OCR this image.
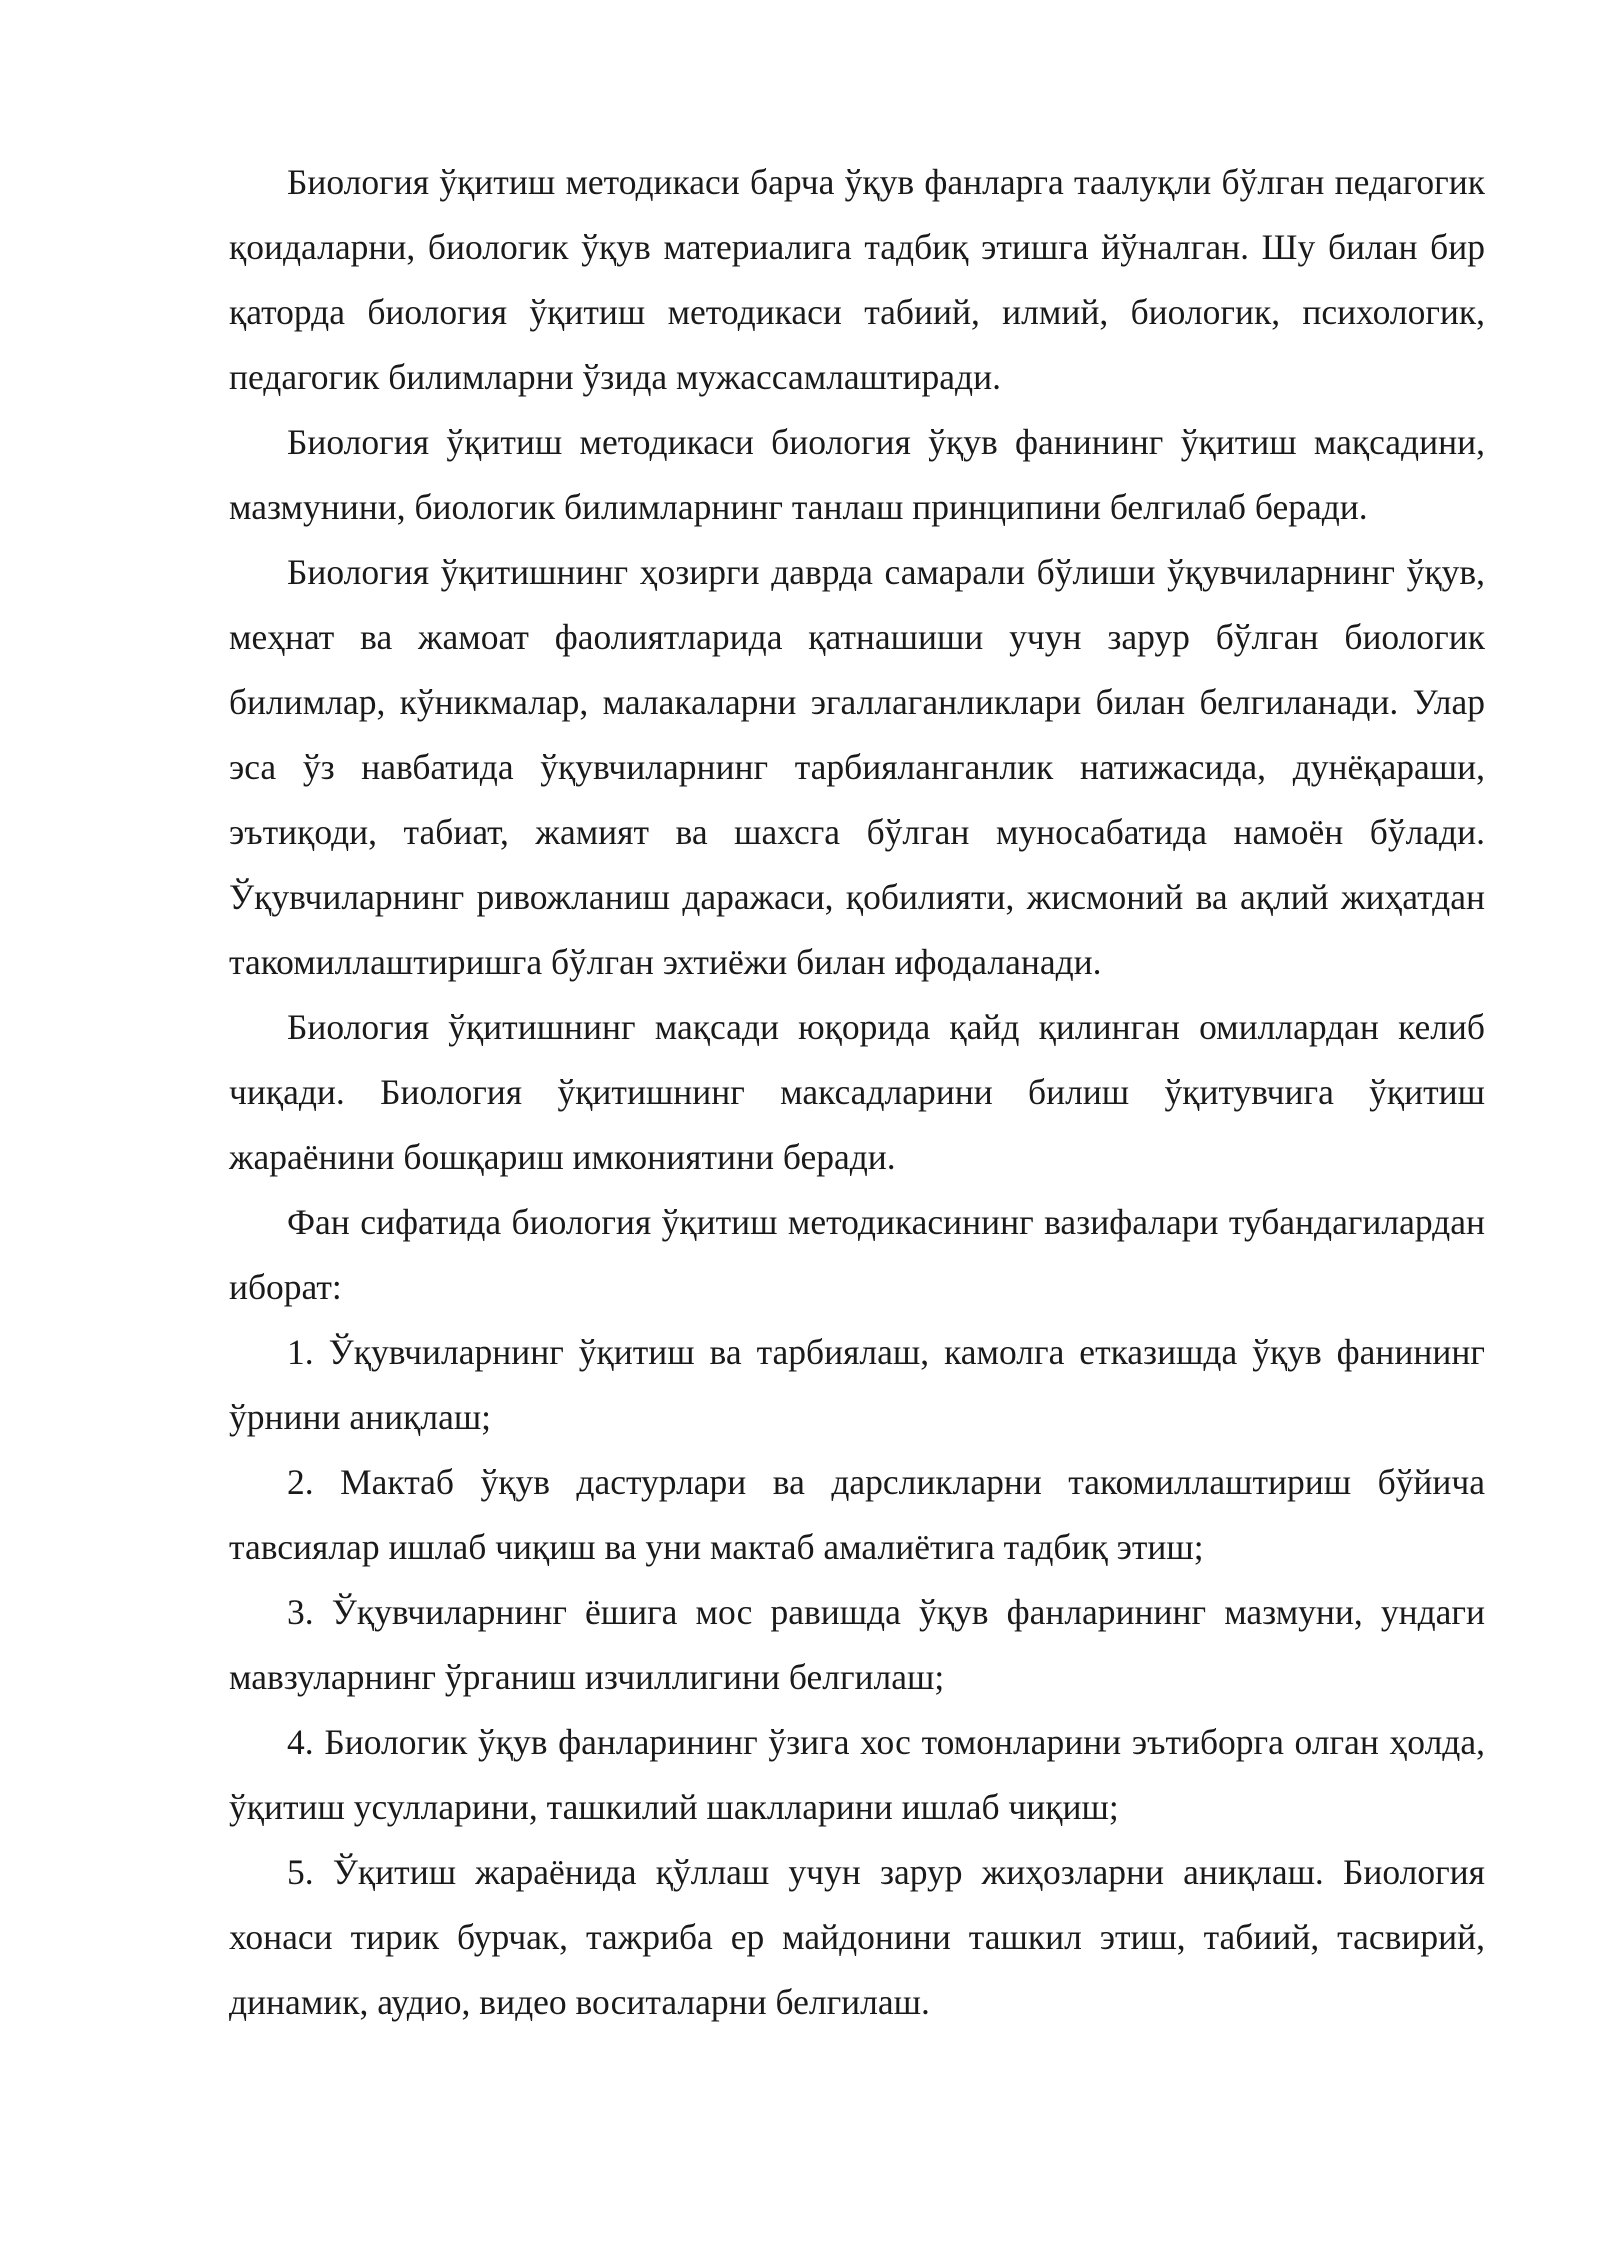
Биология ўқитиш методикаси барча ўқув фанларга таалуқли бўлган педагогик қоидаларни, биологик ўқув материалига тадбиқ этишга йўналган. Шу билан бир қаторда биология ўқитиш методикаси табиий, илмий, биологик, психологик, педагогик билимларни ўзида мужассамлаштиради.

Биология ўқитиш методикаси биология ўқув фанининг ўқитиш мақсадини, мазмунини, биологик билимларнинг танлаш принципини белгилаб беради.

Биология ўқитишнинг ҳозирги даврда самарали бўлиши ўқувчиларнинг ўқув, меҳнат ва жамоат фаолиятларида қатнашиши учун зарур бўлган биологик билимлар, кўникмалар, малакаларни эгаллаганликлари билан белгиланади. Улар эса ўз навбатида ўқувчиларнинг тарбияланганлик натижасида, дунёқараши, эътиқоди, табиат, жамият ва шахсга бўлган муносабатида намоён бўлади. Ўқувчиларнинг ривожланиш даражаси, қобилияти, жисмоний ва ақлий жиҳатдан такомиллаштиришга бўлган эхтиёжи билан ифодаланади.

Биология ўқитишнинг мақсади юқорида қайд қилинган омиллардан келиб чиқади. Биология ўқитишнинг максадларини билиш ўқитувчига ўқитиш жараёнини бошқариш имкониятини беради.

Фан сифатида биология ўқитиш методикасининг вазифалари тубандагилардан иборат:

1. Ўқувчиларнинг ўқитиш ва тарбиялаш, камолга етказишда ўқув фанининг ўрнини аниқлаш;

2. Мактаб ўқув дастурлари ва дарсликларни такомиллаштириш бўйича тавсиялар ишлаб чиқиш ва уни мактаб амалиётига тадбиқ этиш;

3. Ўқувчиларнинг ёшига мос равишда ўқув фанларининг мазмуни, ундаги мавзуларнинг ўрганиш изчиллигини белгилаш;

4. Биологик ўқув фанларининг ўзига хос томонларини эътиборга олган ҳолда, ўқитиш усулларини, ташкилий шаклларини ишлаб чиқиш;

5. Ўқитиш жараёнида қўллаш учун зарур жиҳозларни аниқлаш. Биология хонаси тирик бурчак, тажриба ер майдонини ташкил этиш, табиий, тасвирий, динамик, аудио, видео воситаларни белгилаш.
